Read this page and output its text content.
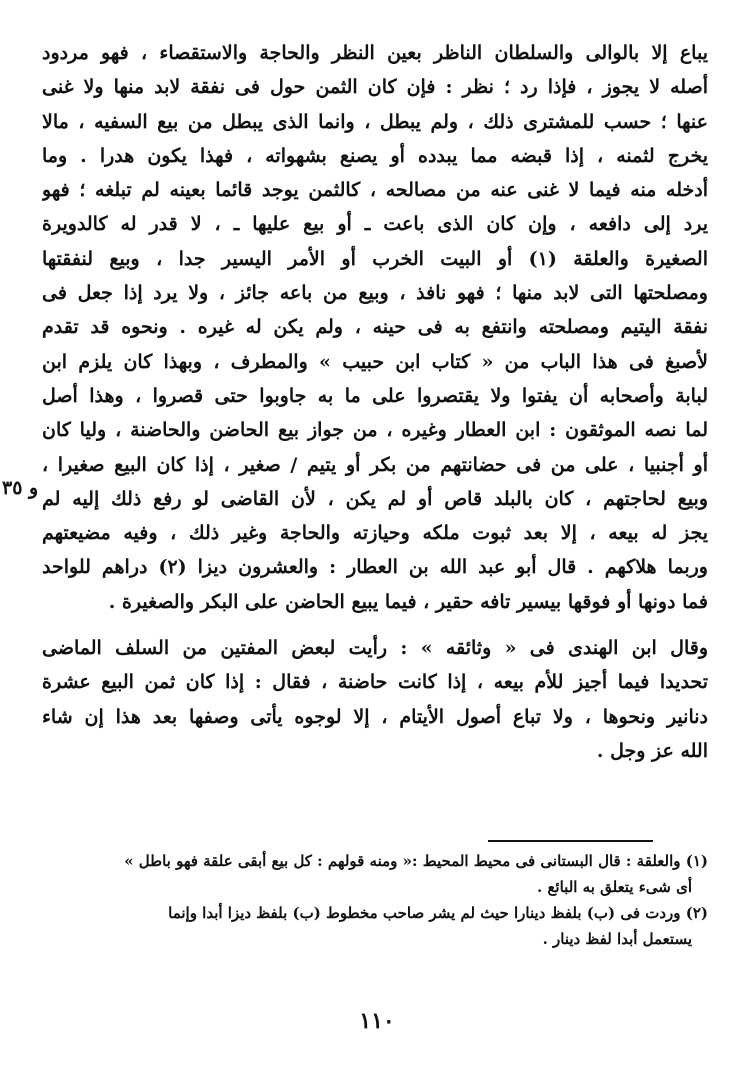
يباع إلا بالوالى والسلطان الناظر بعين النظر والحاجة والاستقصاء ، فهو مردود
أصله لا يجوز ، فإذا رد ؛ نظر : فإن كان الثمن حول فى نفقة لابد منها ولا غنى
عنها ؛ حسب للمشترى ذلك ، ولم يبطل ، وانما الذى يبطل من بيع السفيه ، مالا
يخرج لثمنه ، إذا قبضه مما يبدده أو يصنع بشهواته ، فهذا يكون هدرا . وما
أدخله منه فيما لا غنى عنه من مصالحه ، كالثمن يوجد قائما بعينه لم تبلغه ؛ فهو
يرد إلى دافعه ، وإن كان الذى باعت ـ أو بيع عليها ـ ، لا قدر له كالدويرة
الصغيرة والعلقة (١) أو البيت الخرب أو الأمر اليسير جدا ، وبيع لنفقتها
ومصلحتها التى لابد منها ؛ فهو نافذ ، وبيع من باعه جائز ، ولا يرد إذا جعل فى
نفقة اليتيم ومصلحته وانتفع به فى حينه ، ولم يكن له غيره . ونحوه قد تقدم
لأصبغ فى هذا الباب من « كتاب ابن حبيب » والمطرف ، وبهذا كان يلزم ابن
لبابة وأصحابه أن يفتوا ولا يقتصروا على ما به جاوبوا حتى قصروا ، وهذا أصل
لما نصه الموثقون : ابن العطار وغيره ، من جواز بيع الحاضن والحاضنة ، وليا كان
أو أجنبيا ، على من فى حضانتهم من بكر أو يتيم / صغير ، إذا كان البيع صغيرا ،
وبيع لحاجتهم ، كان بالبلد قاص أو لم يكن ، لأن القاضى لو رفع ذلك إليه لم
يجز له بيعه ، إلا بعد ثبوت ملكه وحيازته والحاجة وغير ذلك ، وفيه مضيعتهم
وربما هلاكهم . قال أبو عبد الله بن العطار : والعشرون ديزا (٢) دراهم للواحد
فما دونها أو فوقها بيسير تافه حقير ، فيما يبيع الحاضن على البكر والصغيرة .
وقال ابن الهندى فى « وثائقه » : رأيت لبعض المفتين من السلف الماضى
تحديدا فيما أجيز للأم بيعه ، إذا كانت حاضنة ، فقال : إذا كان ثمن البيع عشرة
دنانير ونحوها ، ولا تباع أصول الأيتام ، إلا لوجوه يأتى وصفها بعد هذا إن شاء
الله عز وجل .
و ٣٥
(١) والعلقة : قال البستانى فى محيط المحيط :« ومنه قولهم : كل بيع أبقى علقة فهو باطل »
أى شىء يتعلق به البائع .
(٢) وردت فى (ب) بلفظ دينارا حيث لم يشر صاحب مخطوط (ب) بلفظ ديزا أبدا وإنما
يستعمل أبدا لفظ دينار .
١١٠
